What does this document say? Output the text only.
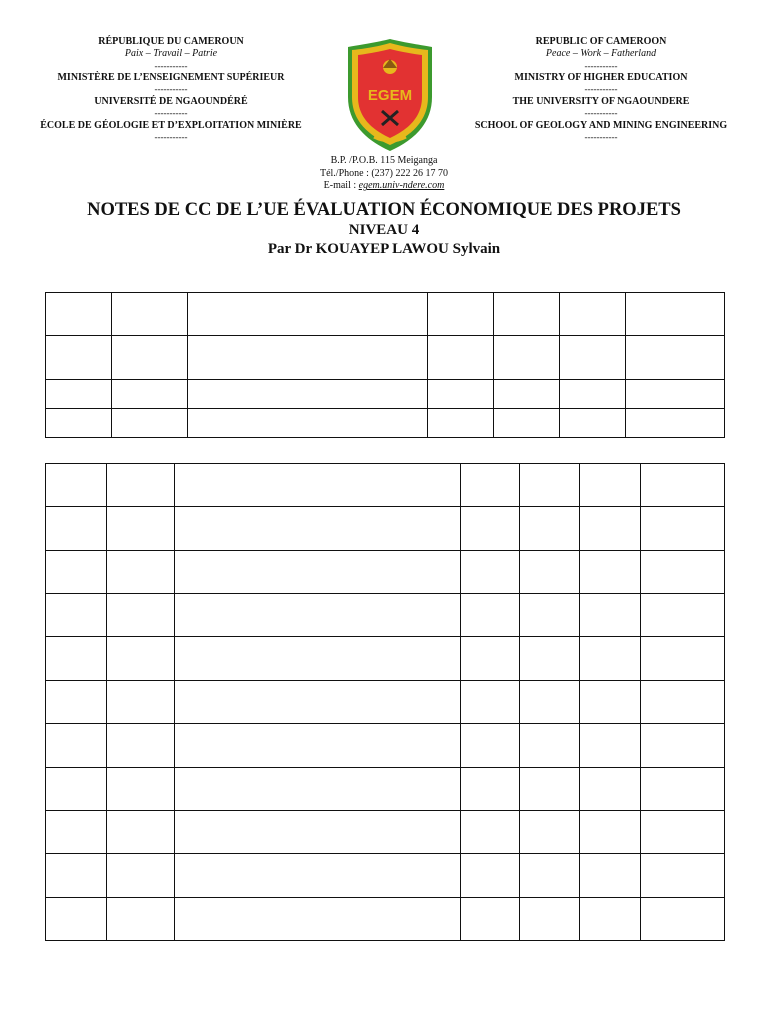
RÉPUBLIQUE DU CAMEROUN
Paix – Travail – Patrie
-----------
MINISTÈRE DE L’ENSEIGNEMENT SUPÉRIEUR
-----------
UNIVERSITÉ DE NGAOUNDÉRÉ
-----------
ÉCOLE DE GÉOLOGIE ET D’EXPLOITATION MINIÈRE
-----------
EGEM
REPUBLIC OF CAMEROON
Peace – Work – Fatherland
-----------
MINISTRY OF HIGHER EDUCATION
-----------
THE UNIVERSITY OF NGAOUNDERE
-----------
SCHOOL OF GEOLOGY AND MINING ENGINEERING
-----------
B.P. /P.O.B. 115 Meiganga
Tél./Phone : (237) 222 26 17 70
E-mail : egem.univ-ndere.com
NOTES DE CC DE L’UE ÉVALUATION ÉCONOMIQUE DES PROJETS
NIVEAU 4
Par Dr KOUAYEP LAWOU Sylvain
